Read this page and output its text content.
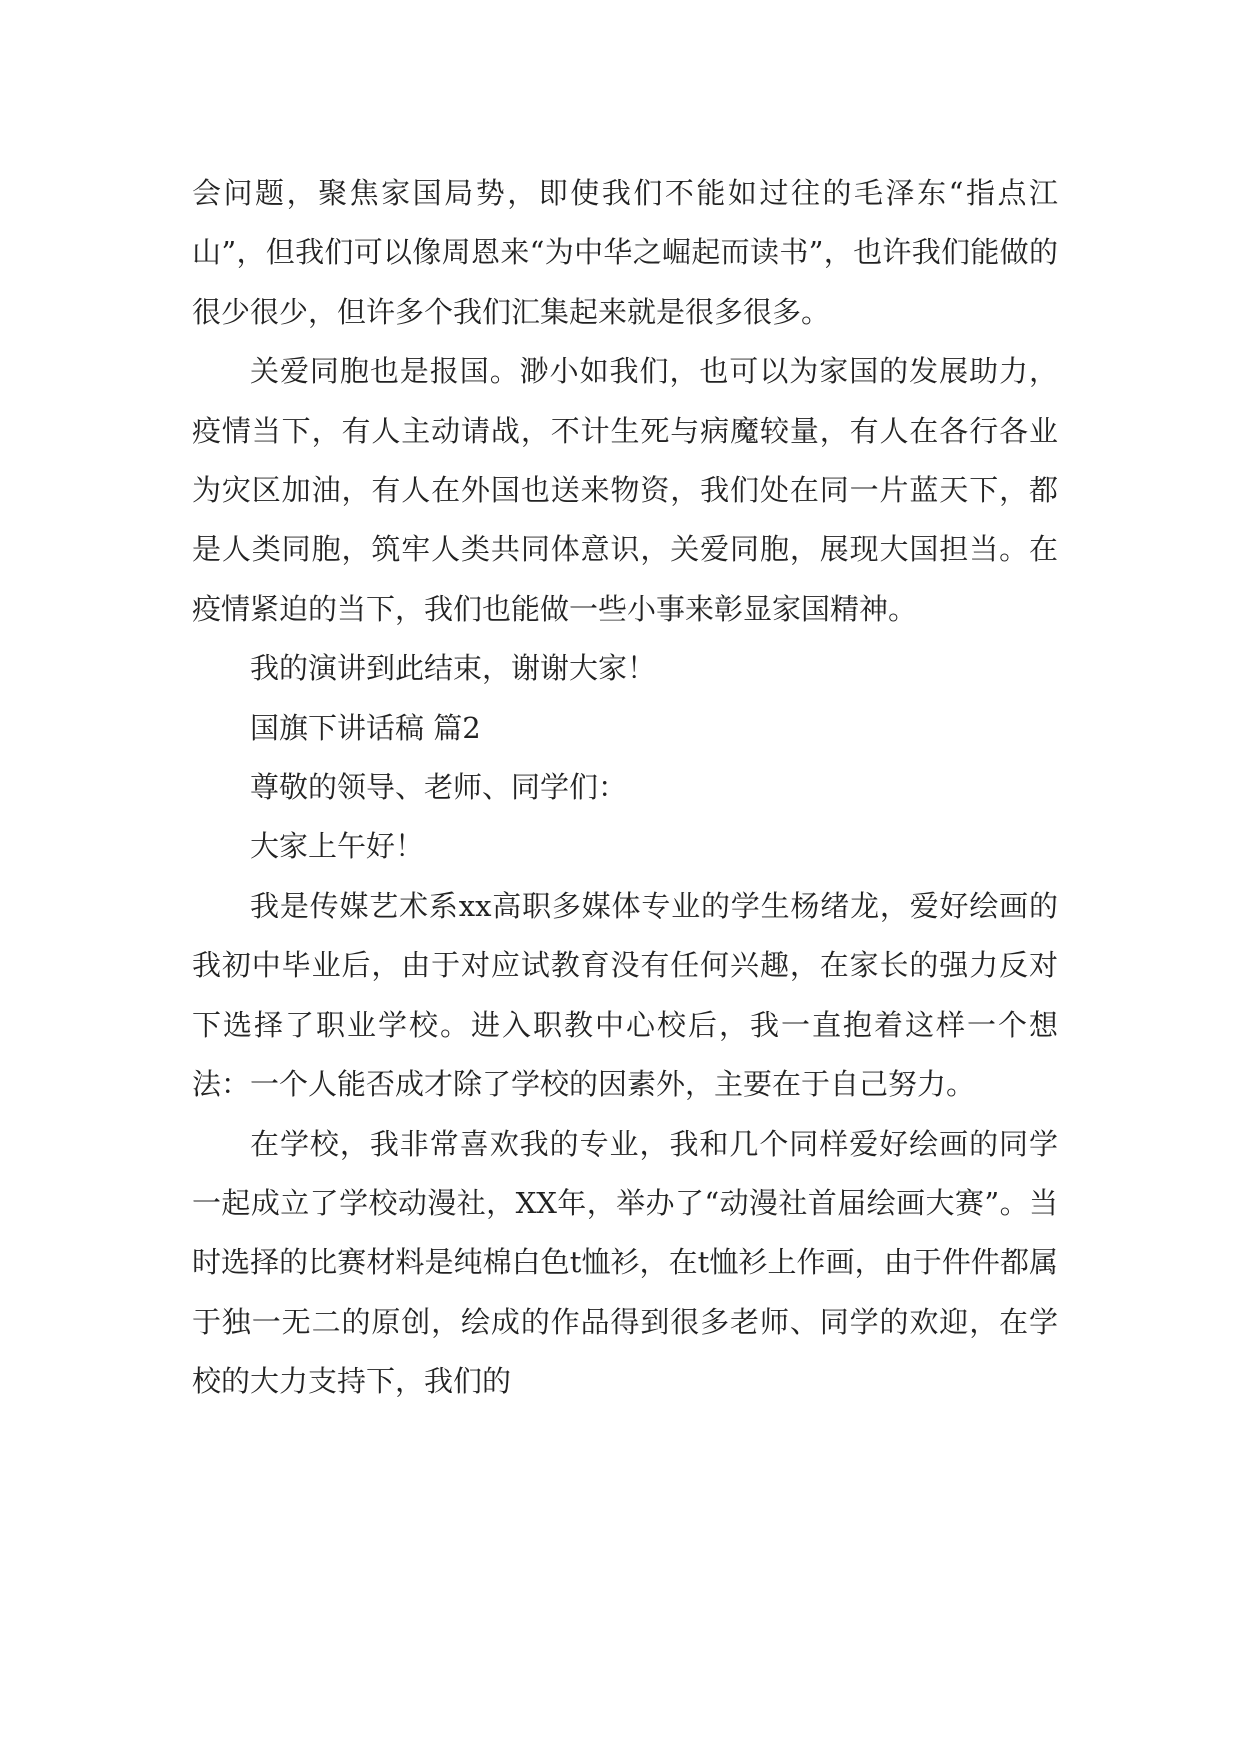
会问题，聚焦家国局势，即使我们不能如过往的毛泽东“指点江山”，但我们可以像周恩来“为中华之崛起而读书”，也许我们能做的很少很少，但许多个我们汇集起来就是很多很多。

关爱同胞也是报国。渺小如我们，也可以为家国的发展助力，疫情当下，有人主动请战，不计生死与病魔较量，有人在各行各业为灾区加油，有人在外国也送来物资，我们处在同一片蓝天下，都是人类同胞，筑牢人类共同体意识，关爱同胞，展现大国担当。在疫情紧迫的当下，我们也能做一些小事来彰显家国精神。

我的演讲到此结束，谢谢大家！

国旗下讲话稿 篇2

尊敬的领导、老师、同学们：

大家上午好！

我是传媒艺术系xx高职多媒体专业的学生杨绪龙，爱好绘画的我初中毕业后，由于对应试教育没有任何兴趣，在家长的强力反对下选择了职业学校。进入职教中心校后，我一直抱着这样一个想法：一个人能否成才除了学校的因素外，主要在于自己努力。

在学校，我非常喜欢我的专业，我和几个同样爱好绘画的同学一起成立了学校动漫社，XX年，举办了“动漫社首届绘画大赛”。当时选择的比赛材料是纯棉白色t恤衫，在t恤衫上作画，由于件件都属于独一无二的原创，绘成的作品得到很多老师、同学的欢迎，在学校的大力支持下，我们的
